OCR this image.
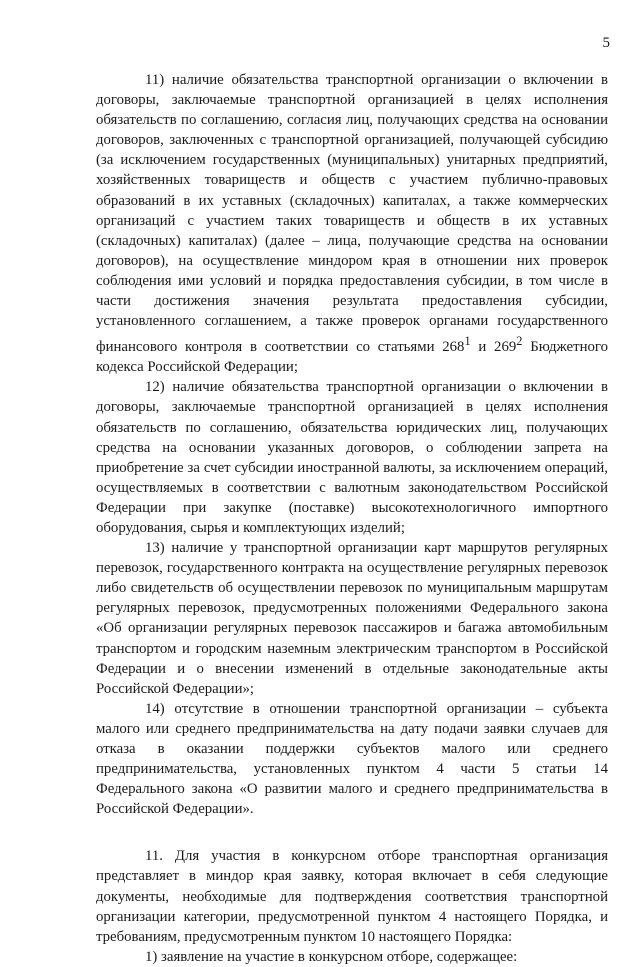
5

11) наличие обязательства транспортной организации о включении в договоры, заключаемые транспортной организацией в целях исполнения обязательств по соглашению, согласия лиц, получающих средства на основании договоров, заключенных с транспортной организацией, получающей субсидию (за исключением государственных (муниципальных) унитарных предприятий, хозяйственных товариществ и обществ с участием публично-правовых образований в их уставных (складочных) капиталах, а также коммерческих организаций с участием таких товариществ и обществ в их уставных (складочных) капиталах) (далее – лица, получающие средства на основании договоров), на осуществление миндором края в отношении них проверок соблюдения ими условий и порядка предоставления субсидии, в том числе в части достижения значения результата предоставления субсидии, установленного соглашением, а также проверок органами государственного финансового контроля в соответствии со статьями $268^1$ и $269^2$ Бюджетного кодекса Российской Федерации;

12) наличие обязательства транспортной организации о включении в договоры, заключаемые транспортной организацией в целях исполнения обязательств по соглашению, обязательства юридических лиц, получающих средства на основании указанных договоров, о соблюдении запрета на приобретение за счет субсидии иностранной валюты, за исключением операций, осуществляемых в соответствии с валютным законодательством Российской Федерации при закупке (поставке) высокотехнологичного импортного оборудования, сырья и комплектующих изделий;

13) наличие у транспортной организации карт маршрутов регулярных перевозок, государственного контракта на осуществление регулярных перевозок либо свидетельств об осуществлении перевозок по муниципальным маршрутам регулярных перевозок, предусмотренных положениями Федерального закона «Об организации регулярных перевозок пассажиров и багажа автомобильным транспортом и городским наземным электрическим транспортом в Российской Федерации и о внесении изменений в отдельные законодательные акты Российской Федерации»;

14) отсутствие в отношении транспортной организации – субъекта малого или среднего предпринимательства на дату подачи заявки случаев для отказа в оказании поддержки субъектов малого или среднего предпринимательства, установленных пунктом 4 части 5 статьи 14 Федерального закона «О развитии малого и среднего предпринимательства в Российской Федерации».

11. Для участия в конкурсном отборе транспортная организация представляет в миндор края заявку, которая включает в себя следующие документы, необходимые для подтверждения соответствия транспортной организации категории, предусмотренной пунктом 4 настоящего Порядка, и требованиям, предусмотренным пунктом 10 настоящего Порядка:

1) заявление на участие в конкурсном отборе, содержащее:
